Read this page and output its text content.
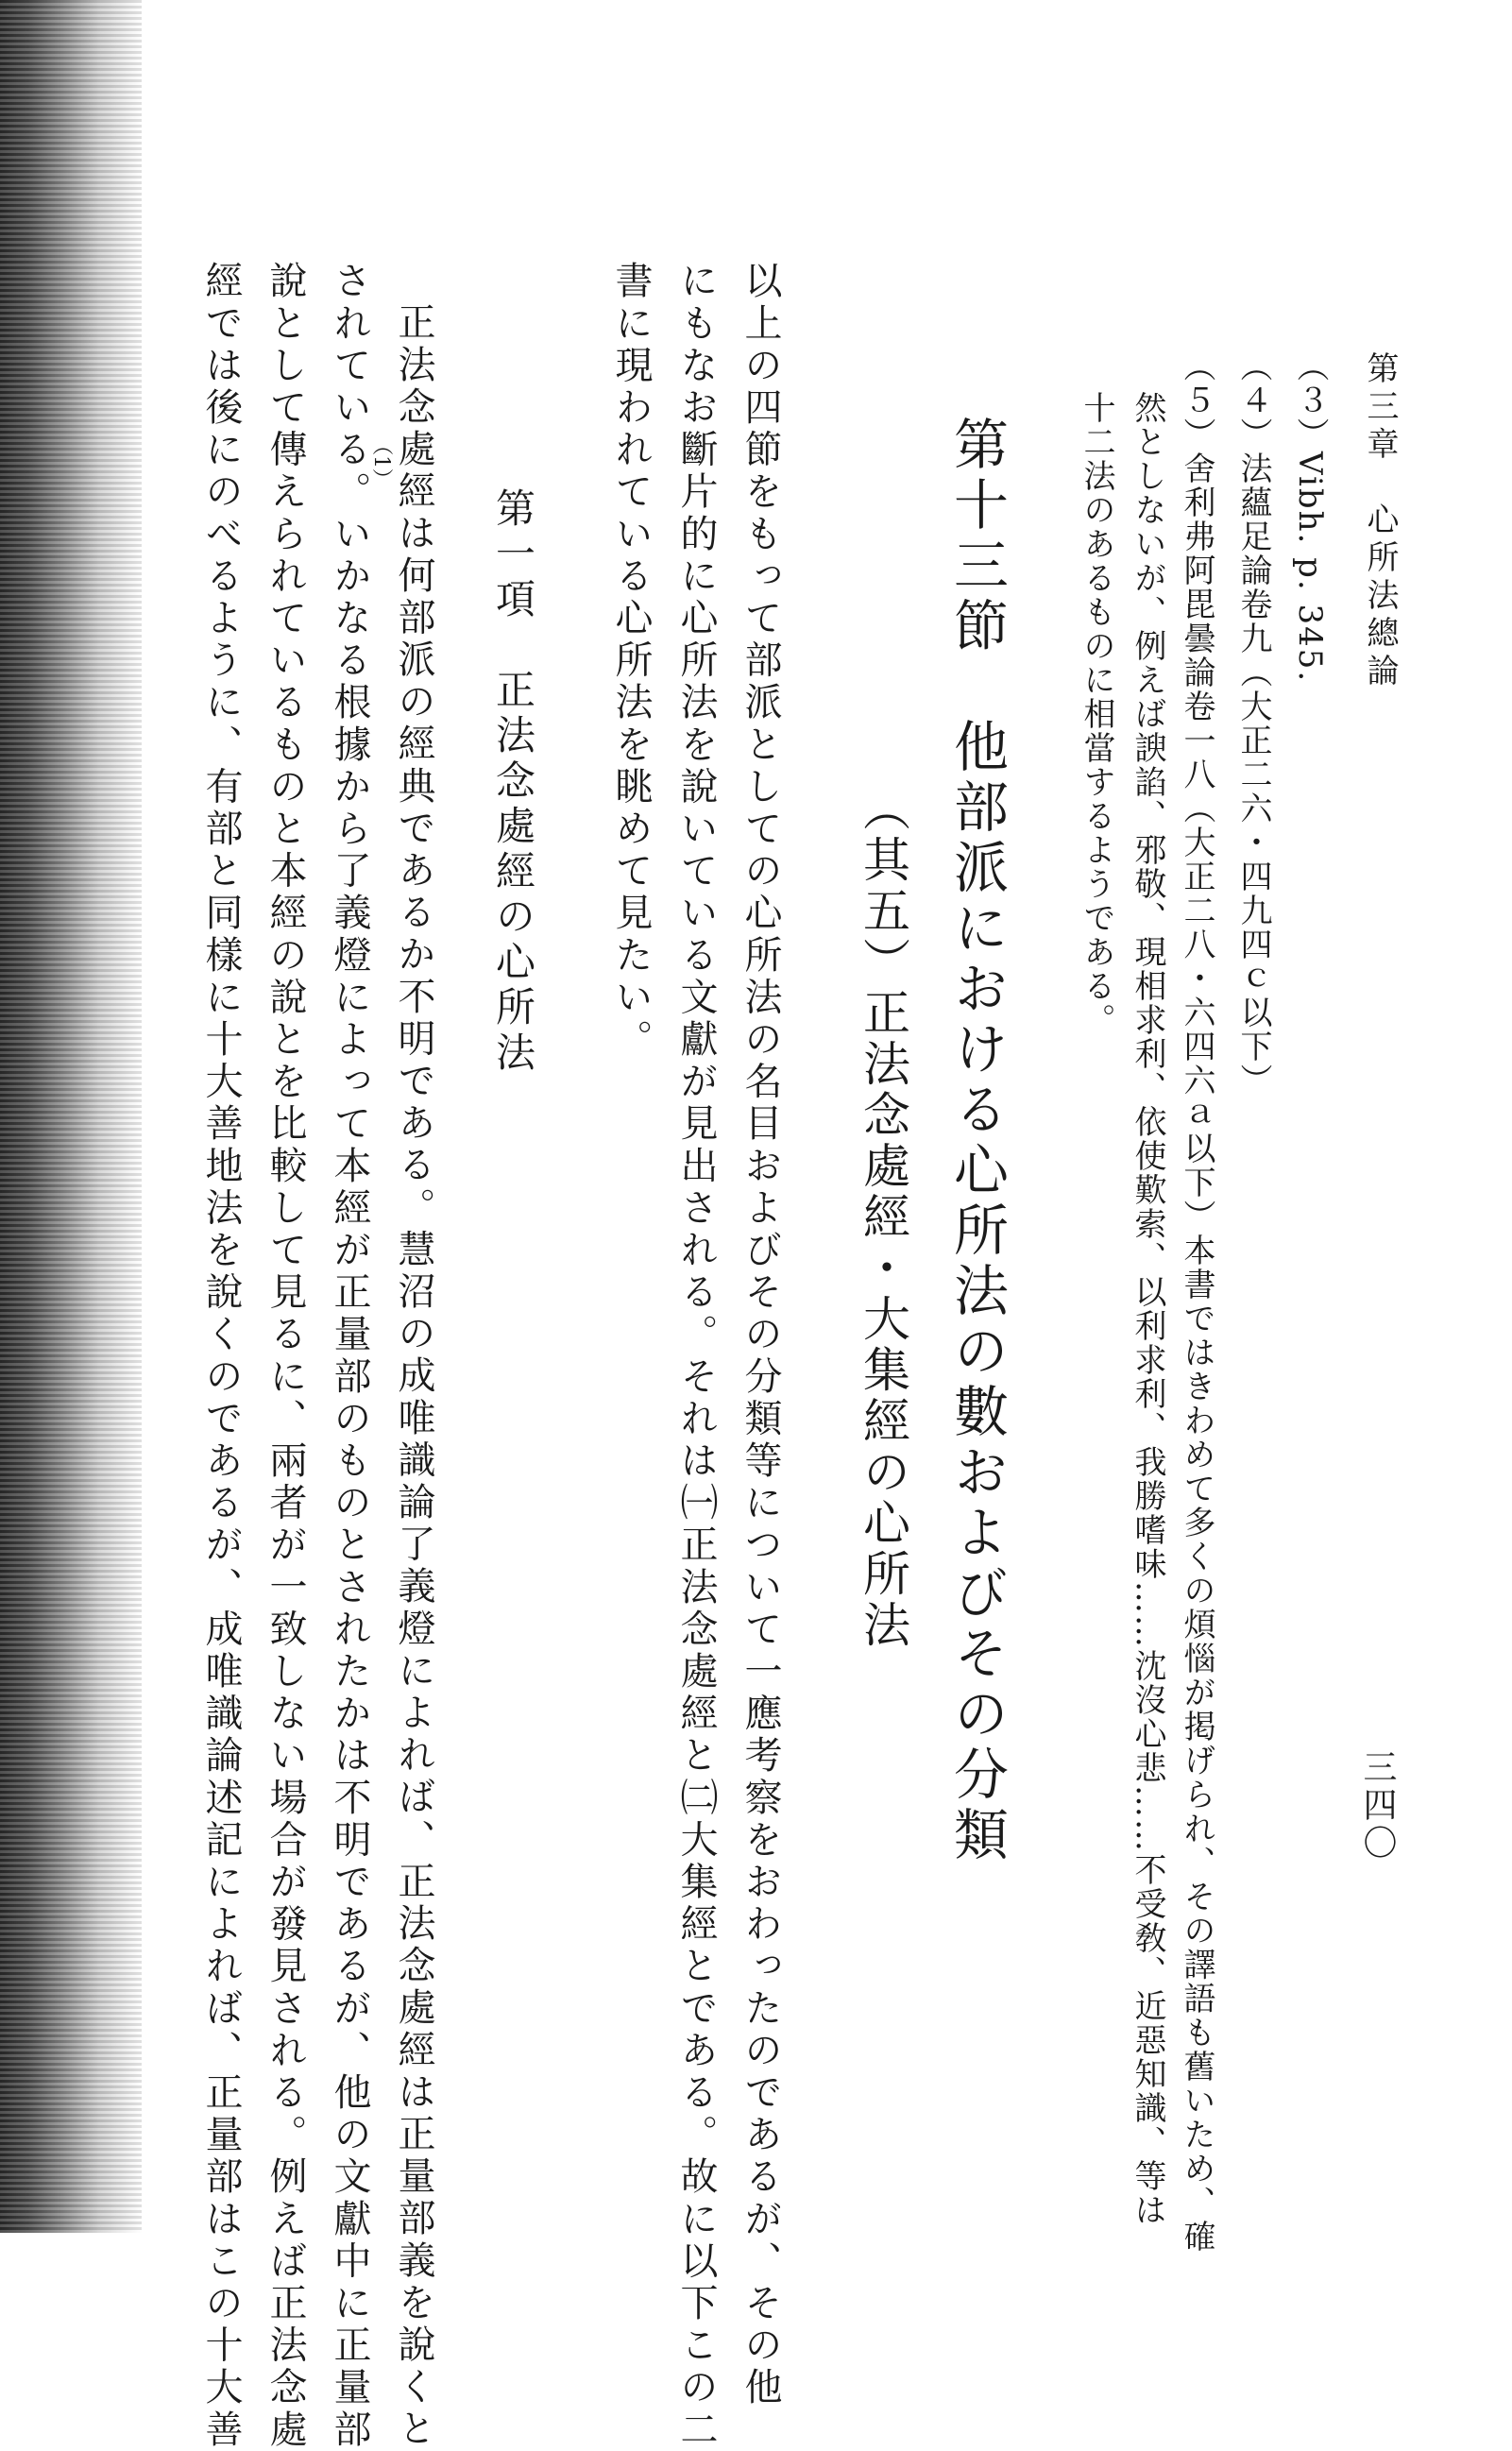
第三章　心所法總論
三四〇
（３）Vibh. p. 345.
（４）法蘊足論卷九（大正二六・四九四ｃ以下）
（５）舍利弗阿毘曇論卷一八（大正二八・六四六ａ以下）本書ではきわめて多くの煩惱が掲げられ、その譯語も舊いため、確
然としないが、例えば諛諂、邪敬、現相求利、依使歎索、以利求利、我勝嗜味……沈沒心悲……不受敎、近惡知識、等は
十二法のあるものに相當するようである。
第十三節　他部派における心所法の數およびその分類
（其五）正法念處經・大集經の心所法
以上の四節をもって部派としての心所法の名目およびその分類等について一應考察をおわったのであるが、その他
にもなお斷片的に心所法を說いている文獻が見出される。それは㈠正法念處經と㈡大集經とである。故に以下この二
書に現われている心所法を眺めて見たい。
第一項　正法念處經の心所法
正法念處經は何部派の經典であるか不明である。慧沼の成唯識論了義燈によれば、正法念處經は正量部義を說くと
されている。いかなる根據から了義燈によって本經が正量部のものとされたかは不明であるが、他の文獻中に正量部
（1）
說として傳えられているものと本經の說とを比較して見るに、兩者が一致しない場合が發見される。例えば正法念處
經では後にのべるように、有部と同樣に十大善地法を說くのであるが、成唯識論述記によれば、正量部はこの十大善
